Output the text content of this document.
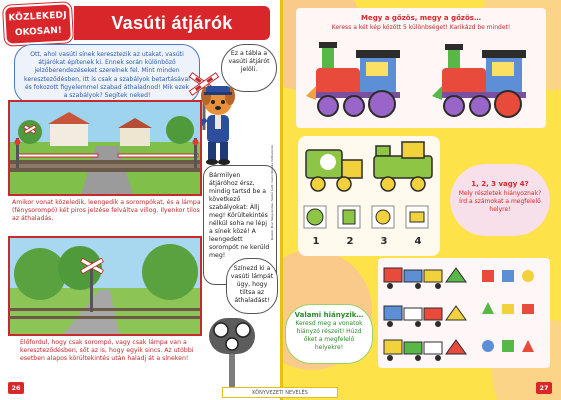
KÖZLEKEDJ
OKOSAN!	Vasúti átjárók
Ott, ahol vasúti sínek keresztezik az utakat, vasúti átjárókat építenek ki. Ennek során különböző jelzőberendezéseket szerelnek fel. Mint minden kereszteződésben, itt is csak a szabályok betartásával és fokozott figyelemmel szabad áthaladnod! Mik ezek a szabályok? Segítek neked!
Ez a tábla a vasúti átjárót jelöli.
Amikor vonat közeledik, leengedik a sorompókat, és a lámpa (fénysorompó) két piros jelzése felváltva villog. Ilyenkor tilos az áthaladás.
Bármilyen átjáróhoz érsz, mindig tartsd be a következő szabályokat: Állj meg! Körültekintés nélkül soha ne lépj a sínek közé! A leengedett sorompót ne kerüld meg!
Előfordul, hogy csak sorompó, vagy csak lámpa van a kereszteződésben, sőt az is, hogy egyik sincs. Az utóbbi esetben alapos körültekintés után haladj át a síneken!
Színezd ki a vasúti lámpát úgy, hogy tiltsa az áthaladást!
26
Rajzok: Pusi Szegvárdias, Szabó Judit, Ivánc Rozália Ildilbutorok
Megy a gőzös, megy a gőzös…
Keress a két kép között 5 különbséget! Karikázd be mindet!
1	2	3	4
1, 2, 3 vagy 4?
Mely részletek hiányoznak? Írd a számokat a megfelelő helyre!
Valami hiányzik…
Keresd meg a vonatok hiányzó részeit! Húzd őket a megfelelő helyekre!
27
KÖNYVEZETI NEVELÉS
